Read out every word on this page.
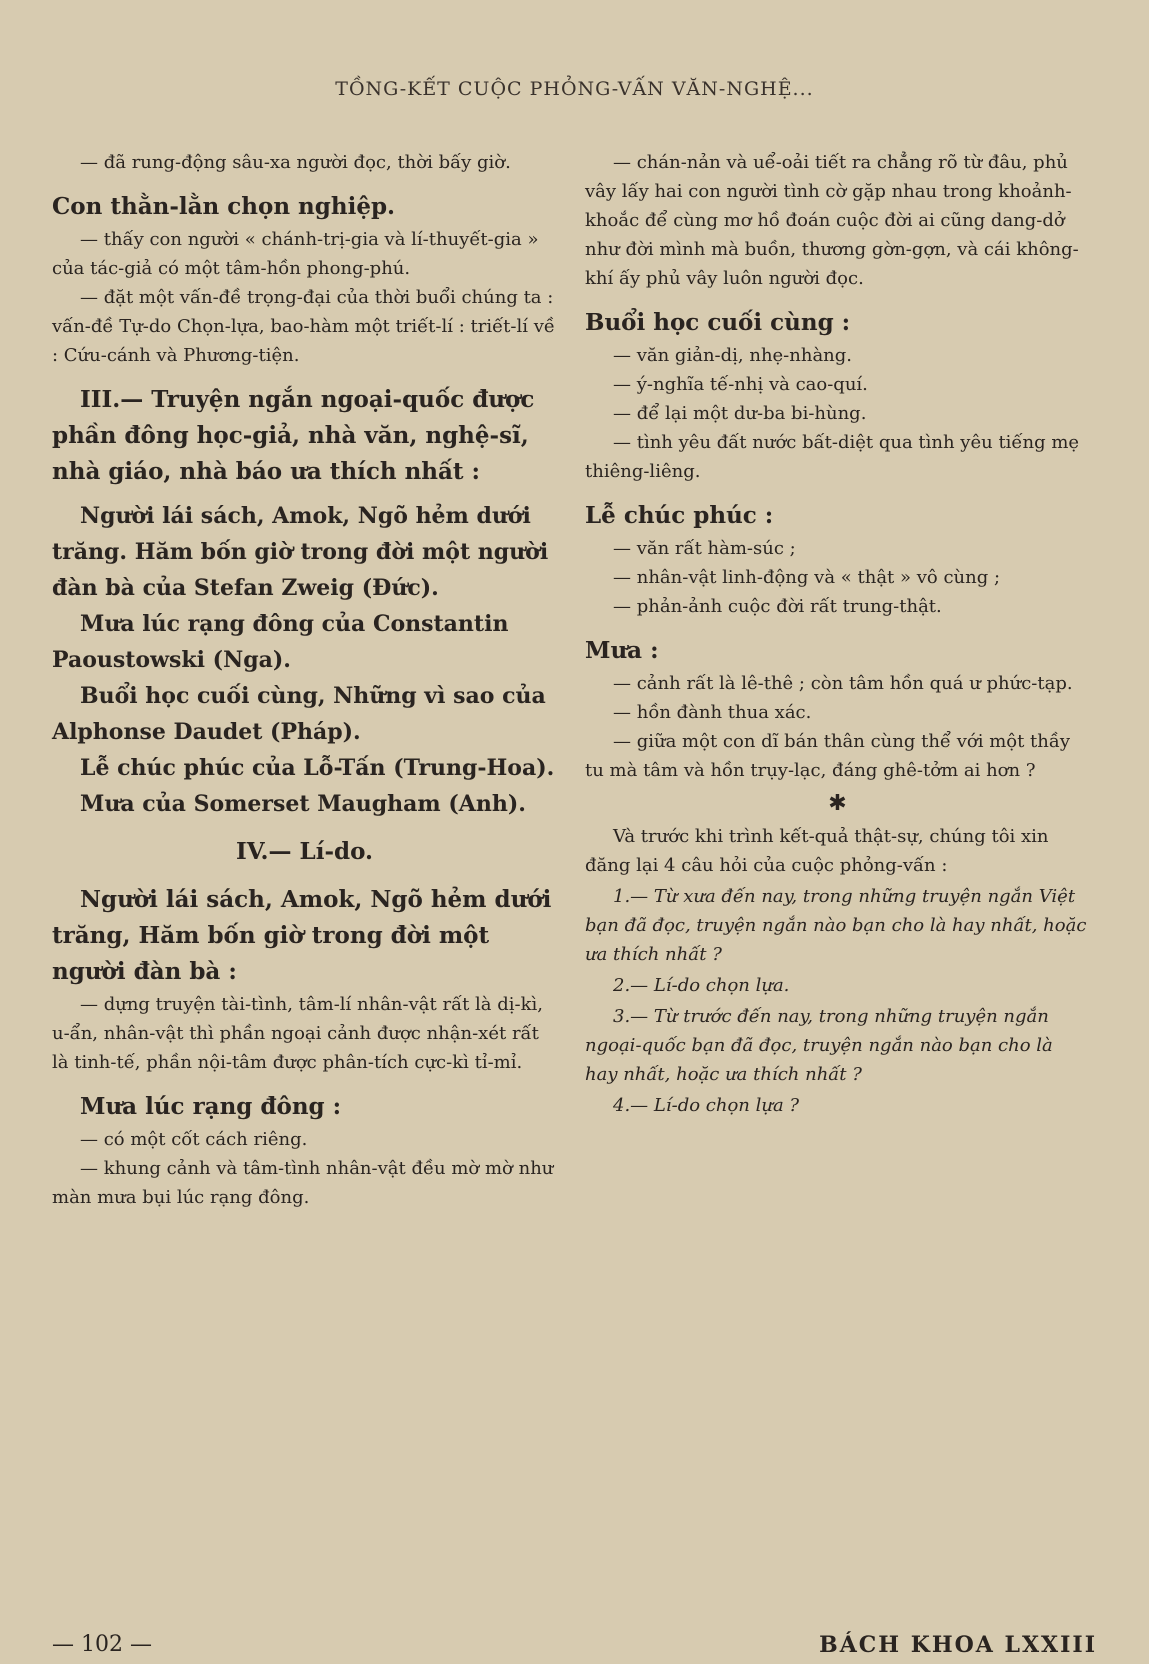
TỒNG-KẾT CUỘC PHỎNG-VẤN VĂN-NGHỆ...

— đã rung-động sâu-xa người đọc, thời bấy giờ.

Con thằn-lằn chọn nghiệp.

— thấy con người « chánh-trị-gia và lí-thuyết-gia » của tác-giả có một tâm-hồn phong-phú.

— đặt một vấn-đề trọng-đại của thời buổi chúng ta : vấn-đề Tự-do Chọn-lựa, bao-hàm một triết-lí : triết-lí về : Cứu-cánh và Phương-tiện.

III.— Truyện ngắn ngoại-quốc được phần đông học-giả, nhà văn, nghệ-sĩ, nhà giáo, nhà báo ưa thích nhất :

Người lái sách, Amok, Ngõ hẻm dưới trăng. Hăm bốn giờ trong đời một người đàn bà của Stefan Zweig (Đức).

Mưa lúc rạng đông của Constantin Paoustowski (Nga).

Buổi học cuối cùng, Những vì sao của Alphonse Daudet (Pháp).

Lễ chúc phúc của Lỗ-Tấn (Trung-Hoa).

Mưa của Somerset Maugham (Anh).

IV.— Lí-do.

Người lái sách, Amok, Ngõ hẻm dưới trăng, Hăm bốn giờ trong đời một người đàn bà :

— dựng truyện tài-tình, tâm-lí nhân-vật rất là dị-kì, u-ẩn, nhân-vật thì phần ngoại cảnh được nhận-xét rất là tinh-tế, phần nội-tâm được phân-tích cực-kì tỉ-mỉ.

Mưa lúc rạng đông :

— có một cốt cách riêng.

— khung cảnh và tâm-tình nhân-vật đều mờ mờ như màn mưa bụi lúc rạng đông.

— chán-nản và uể-oải tiết ra chẳng rõ từ đâu, phủ vây lấy hai con người tình cờ gặp nhau trong khoảnh-khoắc để cùng mơ hồ đoán cuộc đời ai cũng dang-dở như đời mình mà buồn, thương gờn-gợn, và cái không-khí ấy phủ vây luôn người đọc.

Buổi học cuối cùng :

— văn giản-dị, nhẹ-nhàng.

— ý-nghĩa tế-nhị và cao-quí.

— để lại một dư-ba bi-hùng.

— tình yêu đất nước bất-diệt qua tình yêu tiếng mẹ thiêng-liêng.

Lễ chúc phúc :

— văn rất hàm-súc ;

— nhân-vật linh-động và « thật » vô cùng ;

— phản-ảnh cuộc đời rất trung-thật.

Mưa :

— cảnh rất là lê-thê ; còn tâm hồn quá ư phức-tạp.

— hồn đành thua xác.

— giữa một con dĩ bán thân cùng thể với một thầy tu mà tâm và hồn trụy-lạc, đáng ghê-tởm ai hơn ?

✱

Và trước khi trình kết-quả thật-sự, chúng tôi xin đăng lại 4 câu hỏi của cuộc phỏng-vấn :

1.— Từ xưa đến nay, trong những truyện ngắn Việt bạn đã đọc, truyện ngắn nào bạn cho là hay nhất, hoặc ưa thích nhất ?

2.— Lí-do chọn lựa.

3.— Từ trước đến nay, trong những truyện ngắn ngoại-quốc bạn đã đọc, truyện ngắn nào bạn cho là hay nhất, hoặc ưa thích nhất ?

4.— Lí-do chọn lựa ?

— 102 —	BÁCH KHOA LXXIII
